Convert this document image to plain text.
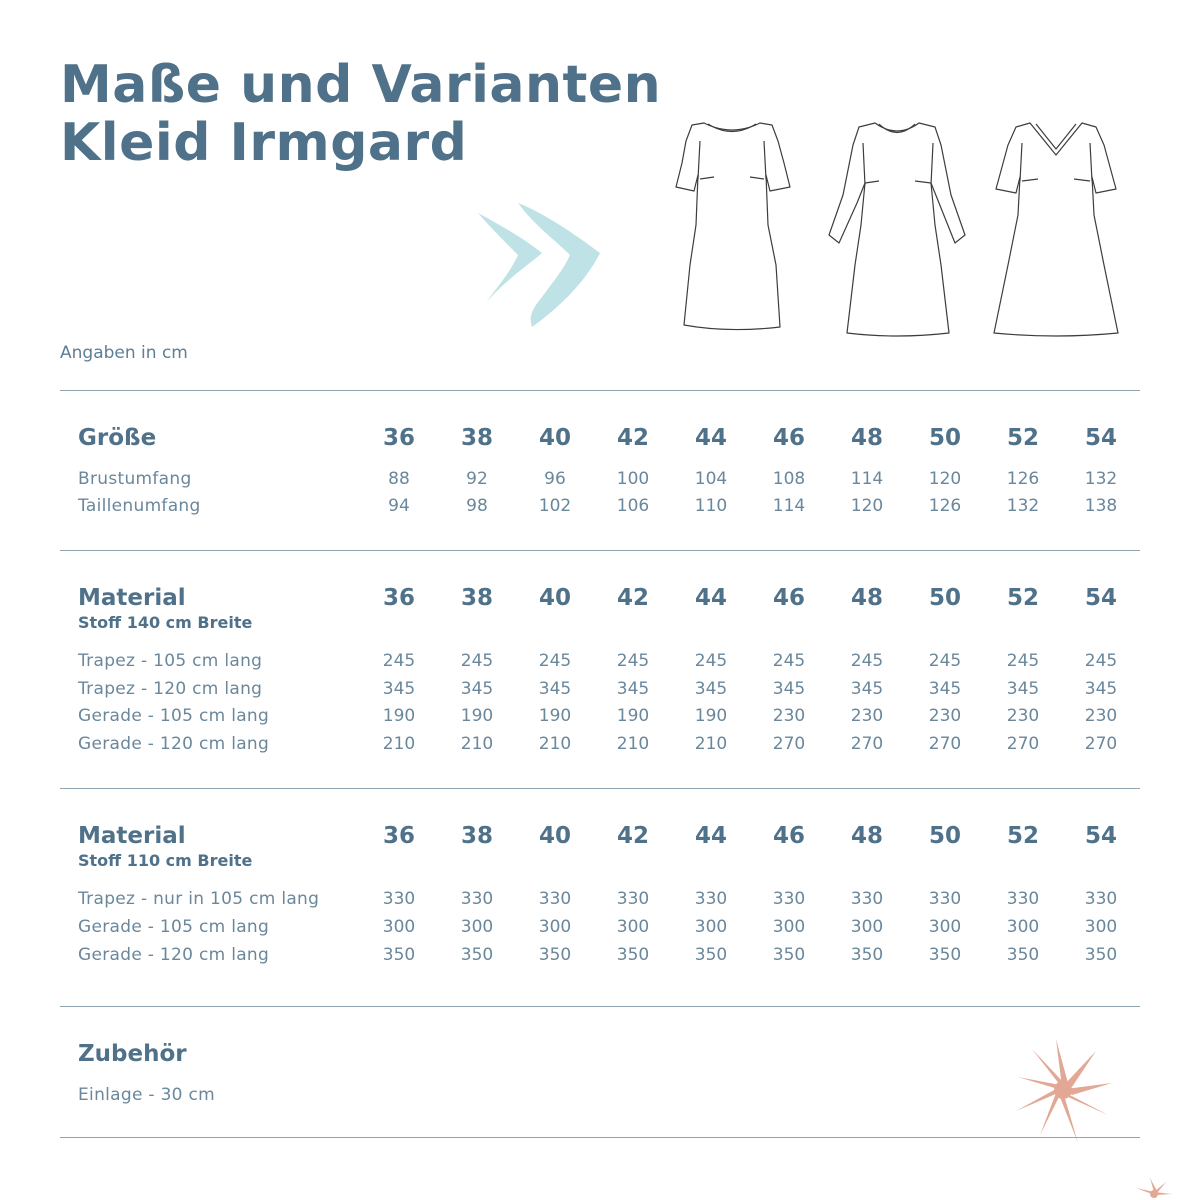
Maße und Varianten
Kleid Irmgard
Angaben in cm
Größe	36	38	40	42	44	46	48	50	52	54
Brustumfang	88	92	96	100	104	108	114	120	126	132
Taillenumfang	94	98	102	106	110	114	120	126	132	138
Material	36	38	40	42	44	46	48	50	52	54
Stoff 140 cm Breite
Trapez - 105 cm lang	245	245	245	245	245	245	245	245	245	245
Trapez - 120 cm lang	345	345	345	345	345	345	345	345	345	345
Gerade - 105 cm lang	190	190	190	190	190	230	230	230	230	230
Gerade - 120 cm lang	210	210	210	210	210	270	270	270	270	270
Material	36	38	40	42	44	46	48	50	52	54
Stoff 110 cm Breite
Trapez - nur in 105 cm lang	330	330	330	330	330	330	330	330	330	330
Gerade - 105 cm lang	300	300	300	300	300	300	300	300	300	300
Gerade - 120 cm lang	350	350	350	350	350	350	350	350	350	350
Zubehör
Einlage - 30 cm
